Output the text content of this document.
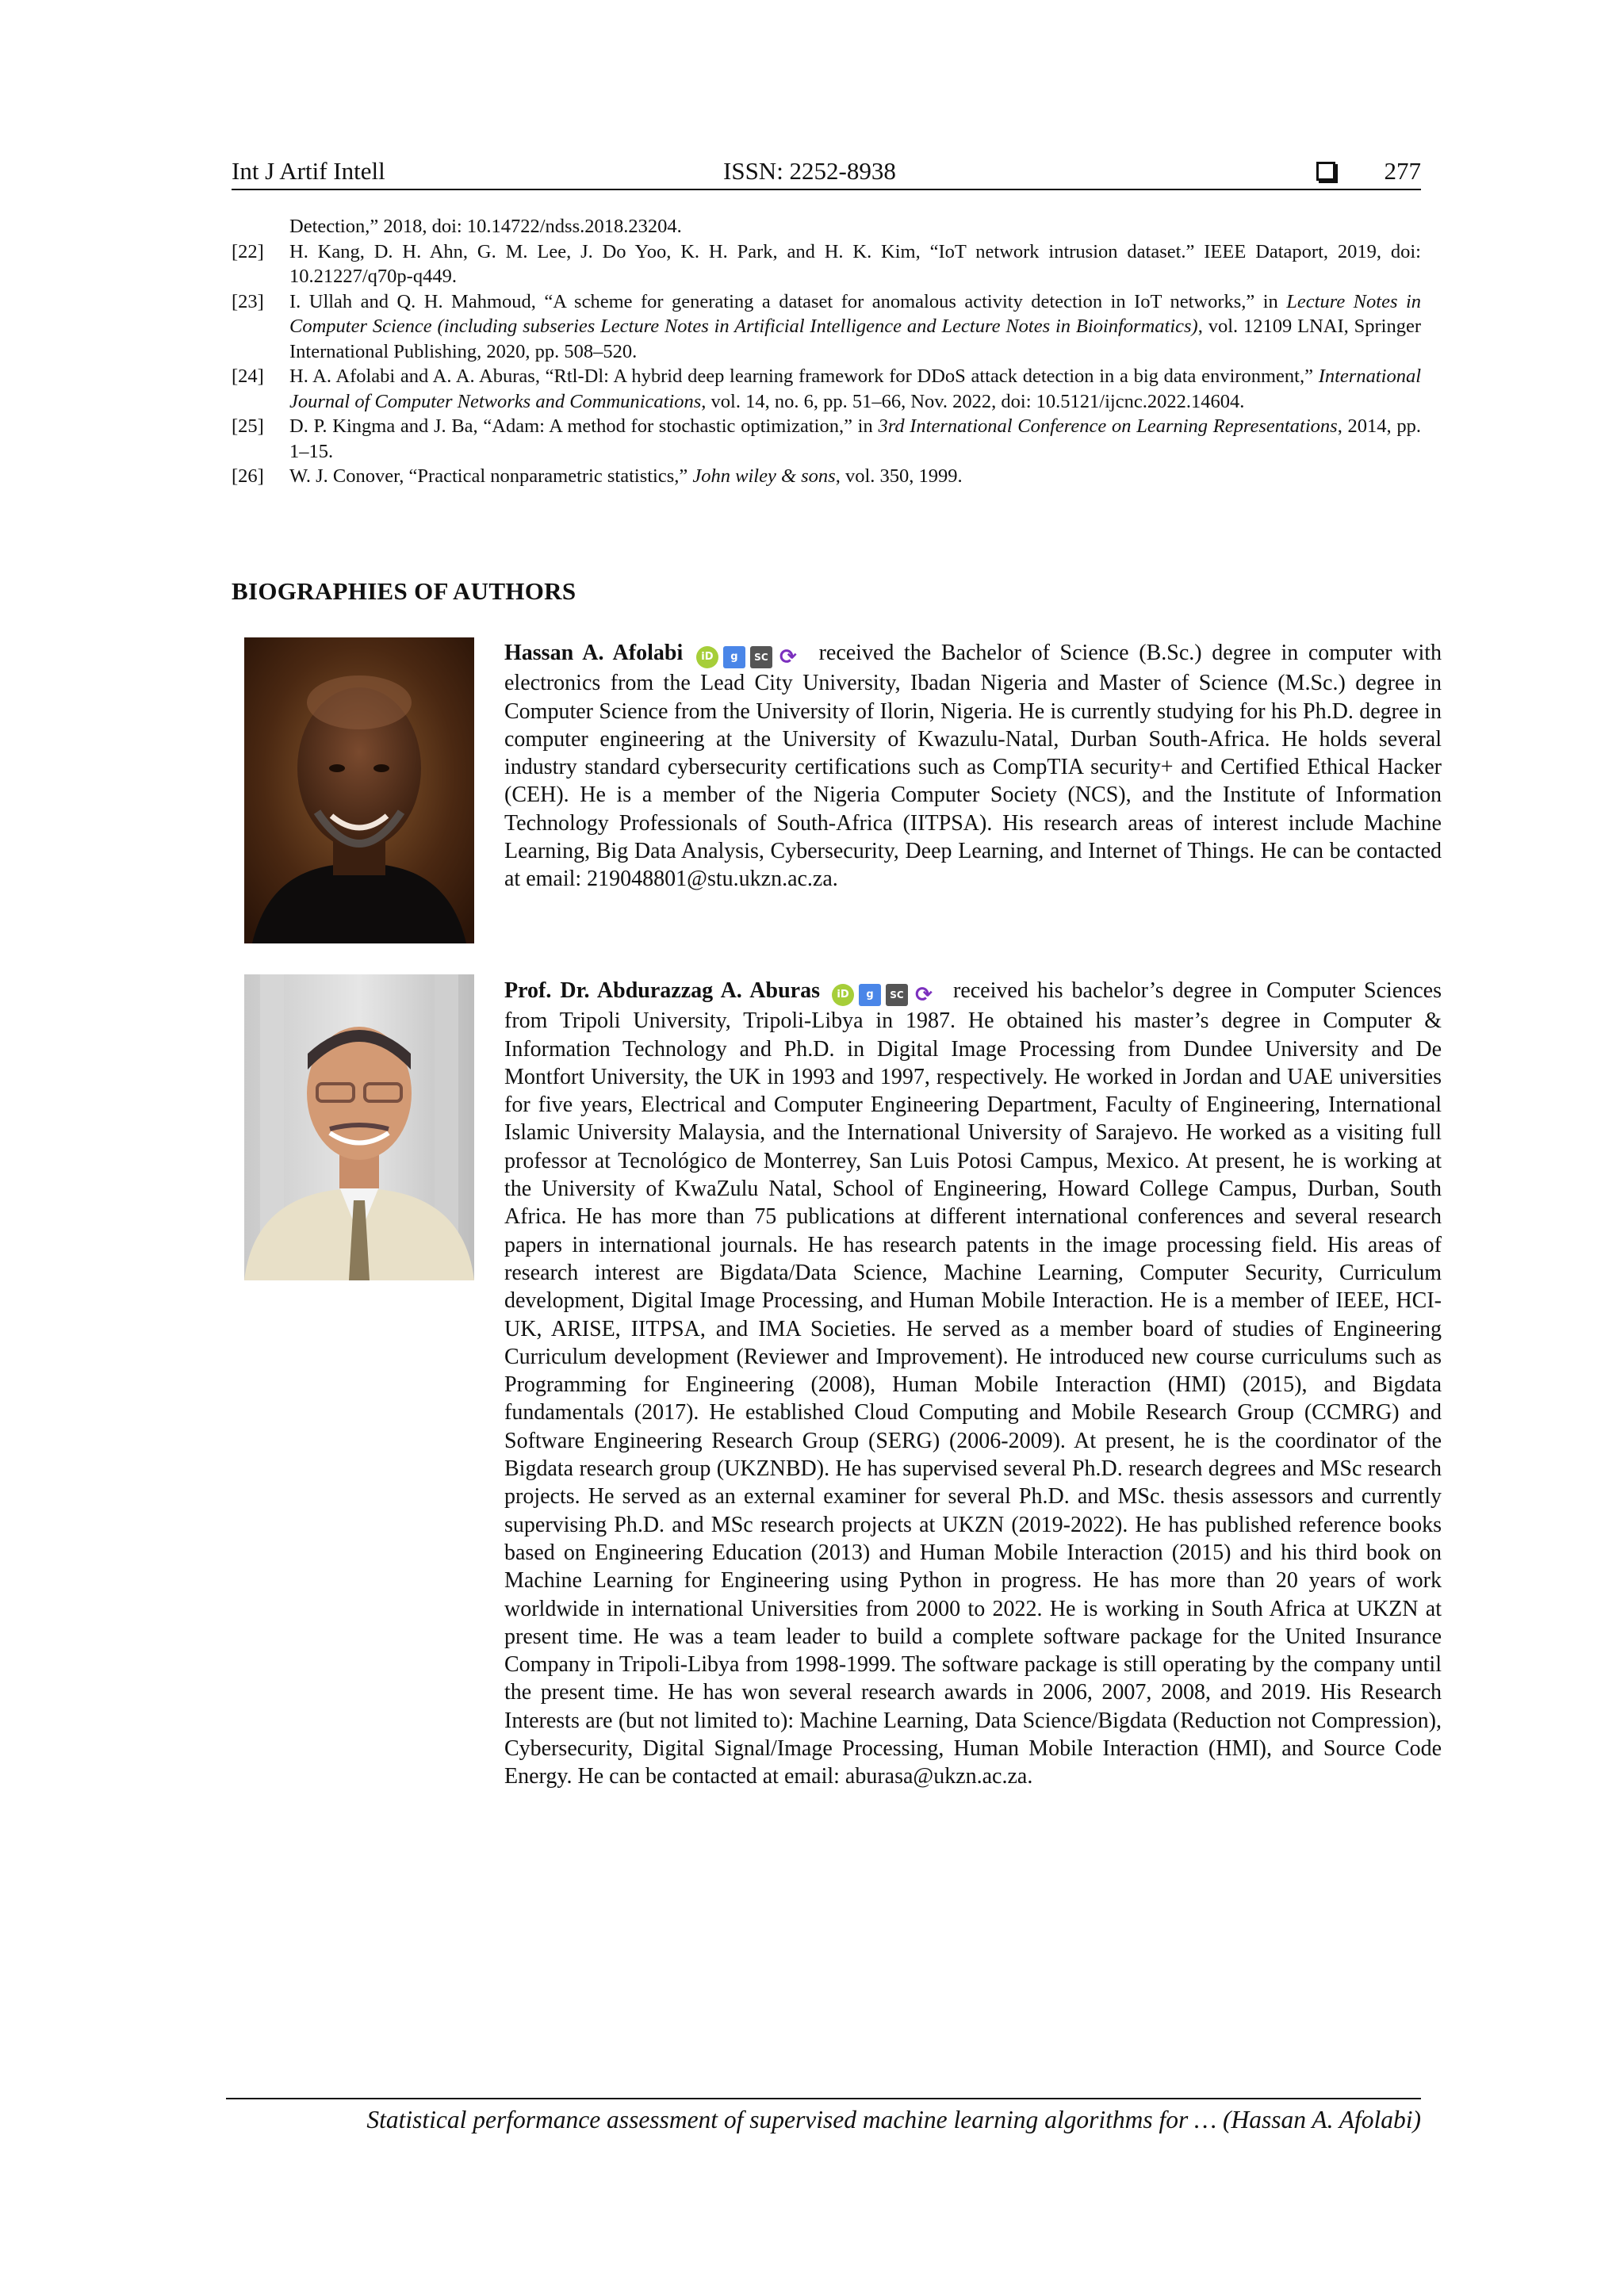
Int J Artif Intell	ISSN: 2252-8938	277
Detection,” 2018, doi: 10.14722/ndss.2018.23204.
[22] H. Kang, D. H. Ahn, G. M. Lee, J. Do Yoo, K. H. Park, and H. K. Kim, “IoT network intrusion dataset.” IEEE Dataport, 2019, doi: 10.21227/q70p-q449.
[23] I. Ullah and Q. H. Mahmoud, “A scheme for generating a dataset for anomalous activity detection in IoT networks,” in Lecture Notes in Computer Science (including subseries Lecture Notes in Artificial Intelligence and Lecture Notes in Bioinformatics), vol. 12109 LNAI, Springer International Publishing, 2020, pp. 508–520.
[24] H. A. Afolabi and A. A. Aburas, “Rtl-Dl: A hybrid deep learning framework for DDoS attack detection in a big data environment,” International Journal of Computer Networks and Communications, vol. 14, no. 6, pp. 51–66, Nov. 2022, doi: 10.5121/ijcnc.2022.14604.
[25] D. P. Kingma and J. Ba, “Adam: A method for stochastic optimization,” in 3rd International Conference on Learning Representations, 2014, pp. 1–15.
[26] W. J. Conover, “Practical nonparametric statistics,” John wiley & sons, vol. 350, 1999.
BIOGRAPHIES OF AUTHORS
Hassan A. Afolabi iD g SC ⟳ received the Bachelor of Science (B.Sc.) degree in computer with electronics from the Lead City University, Ibadan Nigeria and Master of Science (M.Sc.) degree in Computer Science from the University of Ilorin, Nigeria. He is currently studying for his Ph.D. degree in computer engineering at the University of Kwazulu-Natal, Durban South-Africa. He holds several industry standard cybersecurity certifications such as CompTIA security+ and Certified Ethical Hacker (CEH). He is a member of the Nigeria Computer Society (NCS), and the Institute of Information Technology Professionals of South-Africa (IITPSA). His research areas of interest include Machine Learning, Big Data Analysis, Cybersecurity, Deep Learning, and Internet of Things. He can be contacted at email: 219048801@stu.ukzn.ac.za.
Prof. Dr. Abdurazzag A. Aburas iD g SC ⟳ received his bachelor’s degree in Computer Sciences from Tripoli University, Tripoli-Libya in 1987. He obtained his master’s degree in Computer & Information Technology and Ph.D. in Digital Image Processing from Dundee University and De Montfort University, the UK in 1993 and 1997, respectively. He worked in Jordan and UAE universities for five years, Electrical and Computer Engineering Department, Faculty of Engineering, International Islamic University Malaysia, and the International University of Sarajevo. He worked as a visiting full professor at Tecnológico de Monterrey, San Luis Potosi Campus, Mexico. At present, he is working at the University of KwaZulu Natal, School of Engineering, Howard College Campus, Durban, South Africa. He has more than 75 publications at different international conferences and several research papers in international journals. He has research patents in the image processing field. His areas of research interest are Bigdata/Data Science, Machine Learning, Computer Security, Curriculum development, Digital Image Processing, and Human Mobile Interaction. He is a member of IEEE, HCI-UK, ARISE, IITPSA, and IMA Societies. He served as a member board of studies of Engineering Curriculum development (Reviewer and Improvement). He introduced new course curriculums such as Programming for Engineering (2008), Human Mobile Interaction (HMI) (2015), and Bigdata fundamentals (2017). He established Cloud Computing and Mobile Research Group (CCMRG) and Software Engineering Research Group (SERG) (2006-2009). At present, he is the coordinator of the Bigdata research group (UKZNBD). He has supervised several Ph.D. research degrees and MSc research projects. He served as an external examiner for several Ph.D. and MSc. thesis assessors and currently supervising Ph.D. and MSc research projects at UKZN (2019-2022). He has published reference books based on Engineering Education (2013) and Human Mobile Interaction (2015) and his third book on Machine Learning for Engineering using Python in progress. He has more than 20 years of work worldwide in international Universities from 2000 to 2022. He is working in South Africa at UKZN at present time. He was a team leader to build a complete software package for the United Insurance Company in Tripoli-Libya from 1998-1999. The software package is still operating by the company until the present time. He has won several research awards in 2006, 2007, 2008, and 2019. His Research Interests are (but not limited to): Machine Learning, Data Science/Bigdata (Reduction not Compression), Cybersecurity, Digital Signal/Image Processing, Human Mobile Interaction (HMI), and Source Code Energy. He can be contacted at email: aburasa@ukzn.ac.za.
Statistical performance assessment of supervised machine learning algorithms for … (Hassan A. Afolabi)
